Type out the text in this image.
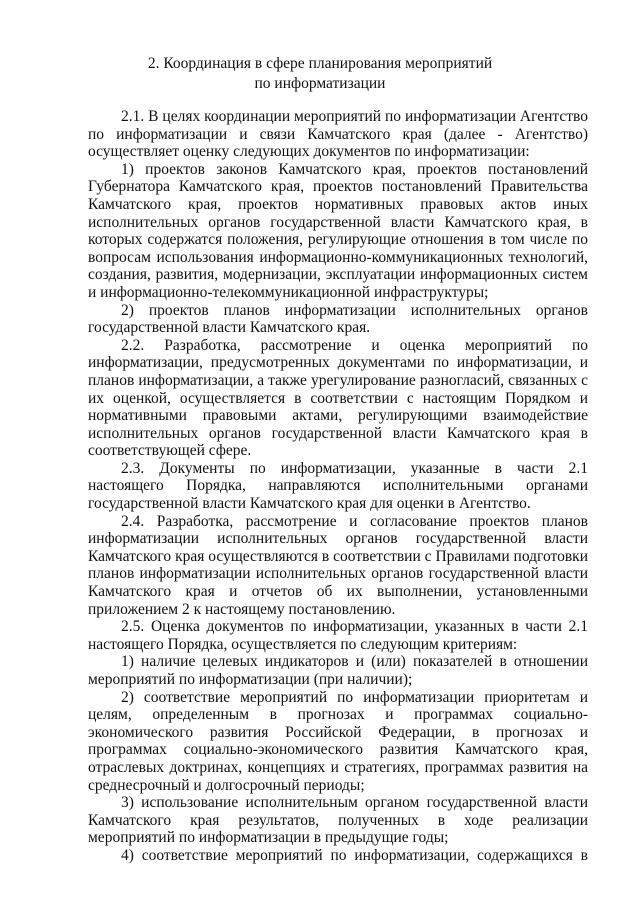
2. Координация в сфере планирования мероприятий
по информатизации

2.1. В целях координации мероприятий по информатизации Агентство по информатизации и связи Камчатского края (далее - Агентство) осуществляет оценку следующих документов по информатизации:

1) проектов законов Камчатского края, проектов постановлений Губернатора Камчатского края, проектов постановлений Правительства Камчатского края, проектов нормативных правовых актов иных исполнительных органов государственной власти Камчатского края, в которых содержатся положения, регулирующие отношения в том числе по вопросам использования информационно-коммуникационных технологий, создания, развития, модернизации, эксплуатации информационных систем и информационно-телекоммуникационной инфраструктуры;

2) проектов планов информатизации исполнительных органов государственной власти Камчатского края.

2.2. Разработка, рассмотрение и оценка мероприятий по информатизации, предусмотренных документами по информатизации, и планов информатизации, а также урегулирование разногласий, связанных с их оценкой, осуществляется в соответствии с настоящим Порядком и нормативными правовыми актами, регулирующими взаимодействие исполнительных органов государственной власти Камчатского края в соответствующей сфере.

2.3. Документы по информатизации, указанные в части 2.1 настоящего Порядка, направляются исполнительными органами государственной власти Камчатского края для оценки в Агентство.

2.4. Разработка, рассмотрение и согласование проектов планов информатизации исполнительных органов государственной власти Камчатского края осуществляются в соответствии с Правилами подготовки планов информатизации исполнительных органов государственной власти Камчатского края и отчетов об их выполнении, установленными приложением 2 к настоящему постановлению.

2.5. Оценка документов по информатизации, указанных в части 2.1 настоящего Порядка, осуществляется по следующим критериям:

1) наличие целевых индикаторов и (или) показателей в отношении мероприятий по информатизации (при наличии);

2) соответствие мероприятий по информатизации приоритетам и целям, определенным в прогнозах и программах социально-экономического развития Российской Федерации, в прогнозах и программах социально-экономического развития Камчатского края, отраслевых доктринах, концепциях и стратегиях, программах развития на среднесрочный и долгосрочный периоды;

3) использование исполнительным органом государственной власти Камчатского края результатов, полученных в ходе реализации мероприятий по информатизации в предыдущие годы;

4) соответствие мероприятий по информатизации, содержащихся в
